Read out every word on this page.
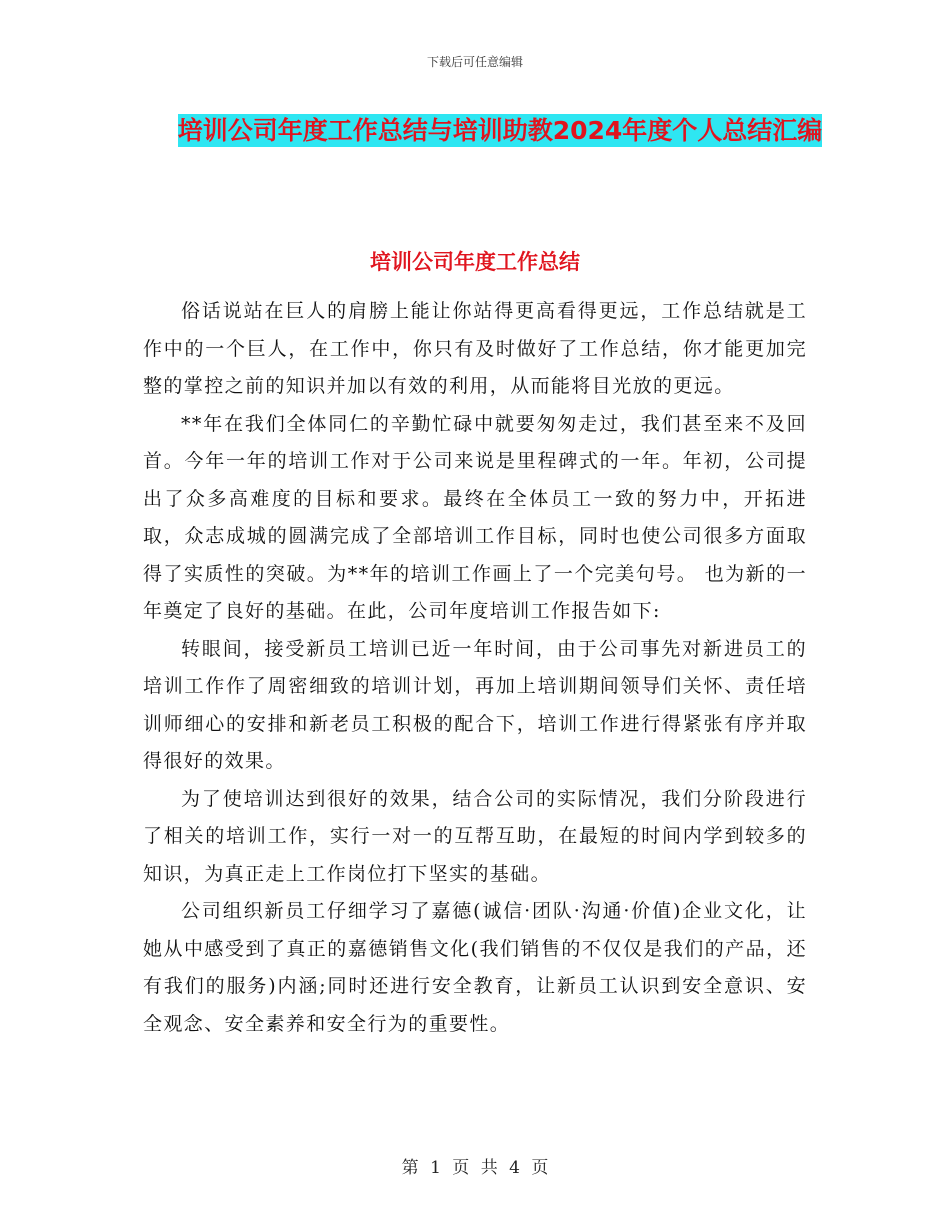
下载后可任意编辑
培训公司年度工作总结与培训助教2024年度个人总结汇编
培训公司年度工作总结

俗话说站在巨人的肩膀上能让你站得更高看得更远，工作总结就是工作中的一个巨人，在工作中，你只有及时做好了工作总结，你才能更加完整的掌控之前的知识并加以有效的利用，从而能将目光放的更远。

**年在我们全体同仁的辛勤忙碌中就要匆匆走过，我们甚至来不及回首。今年一年的培训工作对于公司来说是里程碑式的一年。年初，公司提出了众多高难度的目标和要求。最终在全体员工一致的努力中，开拓进取，众志成城的圆满完成了全部培训工作目标，同时也使公司很多方面取得了实质性的突破。为**年的培训工作画上了一个完美句号。 也为新的一年奠定了良好的基础。在此，公司年度培训工作报告如下:

转眼间，接受新员工培训已近一年时间，由于公司事先对新进员工的培训工作作了周密细致的培训计划，再加上培训期间领导们关怀、责任培训师细心的安排和新老员工积极的配合下，培训工作进行得紧张有序并取得很好的效果。

为了使培训达到很好的效果，结合公司的实际情况，我们分阶段进行了相关的培训工作，实行一对一的互帮互助，在最短的时间内学到较多的知识，为真正走上工作岗位打下坚实的基础。

公司组织新员工仔细学习了嘉德(诚信·团队·沟通·价值)企业文化，让她从中感受到了真正的嘉德销售文化(我们销售的不仅仅是我们的产品，还有我们的服务)内涵;同时还进行安全教育，让新员工认识到安全意识、安全观念、安全素养和安全行为的重要性。

第 1 页 共 4 页
